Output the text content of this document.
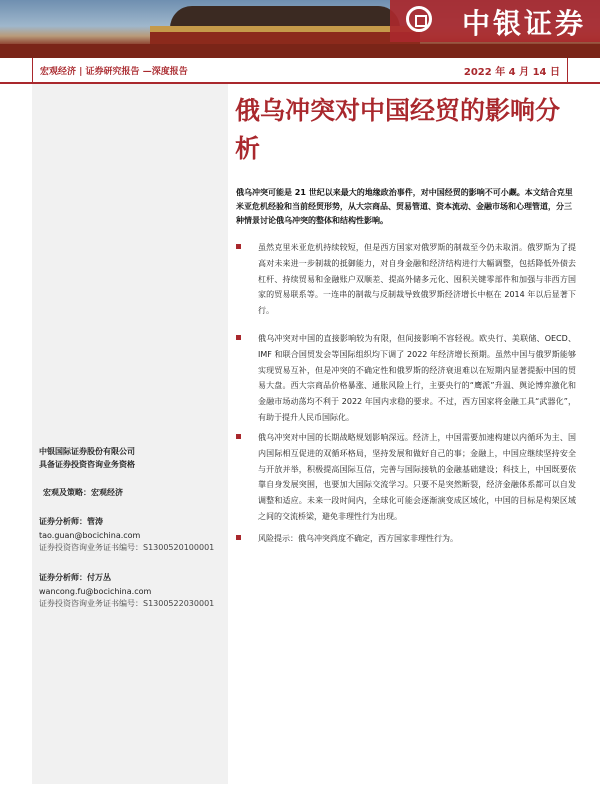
中银证券
宏观经济 | 证券研究报告 —深度报告	2022 年 4 月 14 日
中银国际证券股份有限公司
具备证券投资咨询业务资格
宏观及策略：宏观经济
证券分析师：管涛
tao.guan@bocichina.com
证券投资咨询业务证书编号：S1300520100001
证券分析师：付万丛
wancong.fu@bocichina.com
证券投资咨询业务证书编号：S1300522030001
俄乌冲突对中国经贸的影响分析
俄乌冲突可能是 21 世纪以来最大的地缘政治事件，对中国经贸的影响不可小觑。本文结合克里米亚危机经验和当前经贸形势，从大宗商品、贸易管道、资本流动、金融市场和心理管道，分三种情景讨论俄乌冲突的整体和结构性影响。
虽然克里米亚危机持续较短，但是西方国家对俄罗斯的制裁至今仍未取消。俄罗斯为了提高对未来进一步制裁的抵御能力，对自身金融和经济结构进行大幅调整，包括降低外债去杠杆、持续贸易和金融账户双顺差、提高外储多元化、囤积关键零部件和加强与非西方国家的贸易联系等。一连串的制裁与反制裁导致俄罗斯经济增长中枢在 2014 年以后显著下行。
俄乌冲突对中国的直接影响较为有限，但间接影响不容轻视。欧央行、美联储、OECD、IMF 和联合国贸发会等国际组织均下调了 2022 年经济增长预期。虽然中国与俄罗斯能够实现贸易互补，但是冲突的不确定性和俄罗斯的经济衰退难以在短期内显著提振中国的贸易大盘。西大宗商品价格暴涨、通胀风险上行，主要央行的“鹰派”升温、舆论博弈激化和金融市场动荡均不利于 2022 年国内求稳的要求。不过，西方国家将金融工具“武器化”，有助于提升人民币国际化。
俄乌冲突对中国的长期战略规划影响深远。经济上，中国需要加速构建以内循环为主、国内国际相互促进的双循环格局，坚持发展和做好自己的事；金融上，中国应继续坚持安全与开放并举，积极提高国际互信，完善与国际接轨的金融基础建设；科技上，中国既要依靠自身发展突围，也要加大国际交流学习。只要不是突然断裂，经济金融体系都可以自发调整和适应。未来一段时间内，全球化可能会逐渐演变成区域化，中国的目标是构架区域之间的交流桥梁，避免非理性行为出现。
风险提示：俄乌冲突尚度不确定，西方国家非理性行为。
